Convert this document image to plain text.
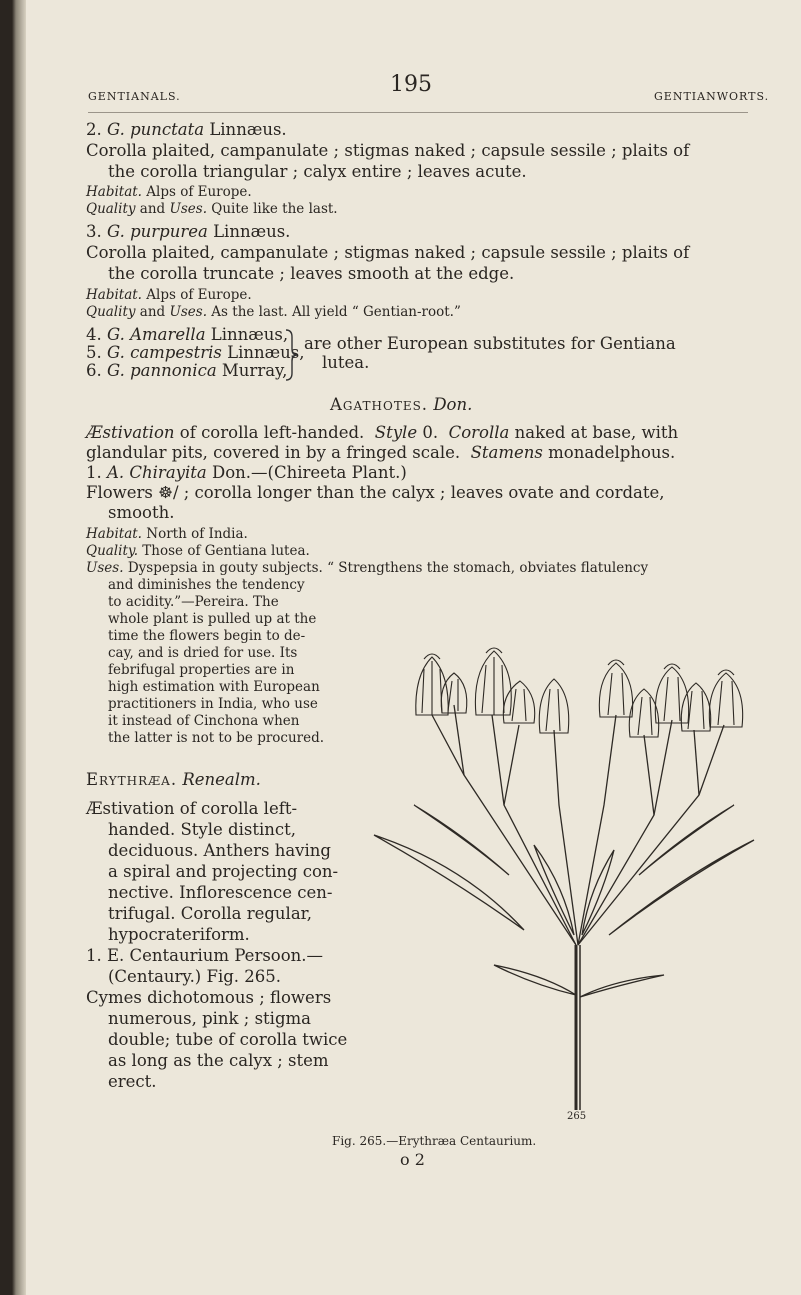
GENTIANALS.	195	GENTIANWORTS.
2. G. punctata Linnæus.
Corolla plaited, campanulate ; stigmas naked ; capsule sessile ; plaits of
the corolla triangular ; calyx entire ; leaves acute.
Habitat. Alps of Europe.
Quality and Uses. Quite like the last.
3. G. purpurea Linnæus.
Corolla plaited, campanulate ; stigmas naked ; capsule sessile ; plaits of
the corolla truncate ; leaves smooth at the edge.
Habitat. Alps of Europe.
Quality and Uses. As the last. All yield “ Gentian-root.”
4. G. Amarella Linnæus,
5. G. campestris Linnæus,
6. G. pannonica Murray,
are other European substitutes for Gentiana
lutea.
Agathotes. Don.
Æstivation of corolla left-handed. Style 0. Corolla naked at base, with
glandular pits, covered in by a fringed scale. Stamens monadelphous.
1. A. Chirayita Don.—(Chireeta Plant.)
Flowers ☸/ ; corolla longer than the calyx ; leaves ovate and cordate,
smooth.
Habitat. North of India.
Quality. Those of Gentiana lutea.
Uses. Dyspepsia in gouty subjects. “ Strengthens the stomach, obviates flatulency
and diminishes the tendency
to acidity.”—Pereira. The
whole plant is pulled up at the
time the flowers begin to de-
cay, and is dried for use. Its
febrifugal properties are in
high estimation with European
practitioners in India, who use
it instead of Cinchona when
the latter is not to be procured.
Erythræa. Renealm.
Æstivation of corolla left-
handed. Style distinct,
deciduous. Anthers having
a spiral and projecting con-
nective. Inflorescence cen-
trifugal. Corolla regular,
hypocrateriform.
1. E. Centaurium Persoon.—
(Centaury.) Fig. 265.
Cymes dichotomous ; flowers
numerous, pink ; stigma
double; tube of corolla twice
as long as the calyx ; stem
erect.
265
Fig. 265.—Erythræa Centaurium.
o 2
